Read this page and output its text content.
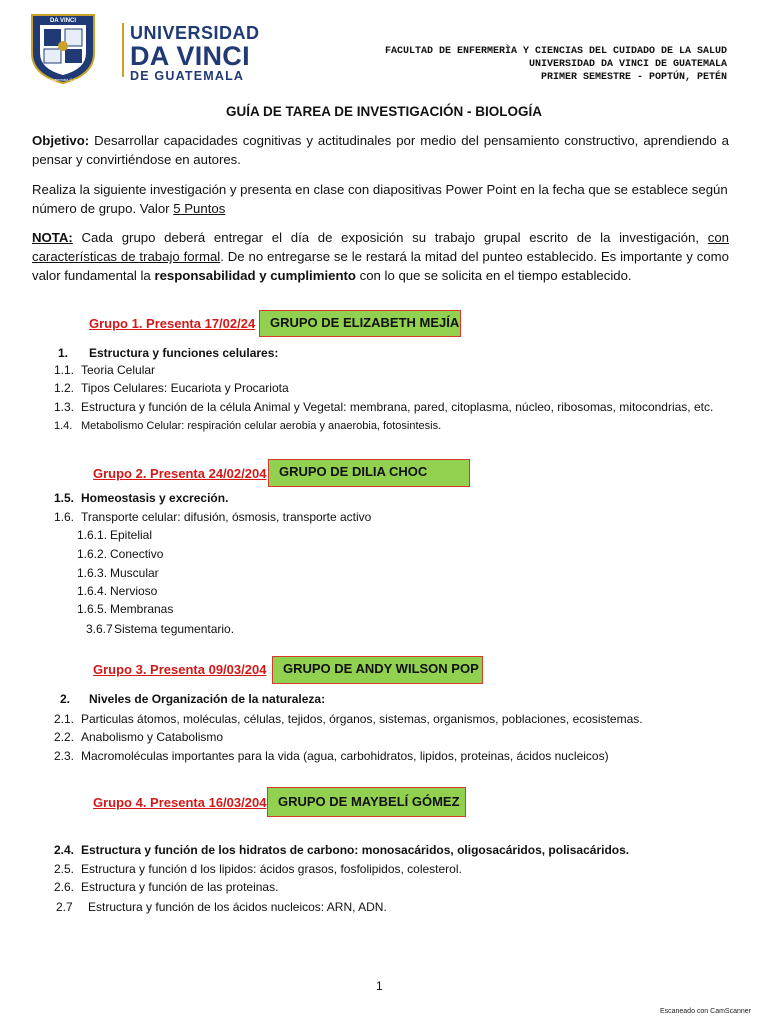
DA VINCI
Guatemala C.A.
UNIVERSIDAD
DA VINCI
DE GUATEMALA
FACULTAD DE ENFERMERÌA Y CIENCIAS DEL CUIDADO DE LA SALUD
UNIVERSIDAD DA VINCI DE GUATEMALA
PRIMER SEMESTRE - POPTÚN, PETÉN
GUÍA DE TAREA DE INVESTIGACIÓN - BIOLOGÍA
Objetivo: Desarrollar capacidades cognitivas y actitudinales por medio del pensamiento constructivo, aprendiendo a pensar y convirtiéndose en autores.
Realiza la siguiente investigación y presenta en clase con diapositivas Power Point en la fecha que se establece según número de grupo. Valor 5 Puntos
NOTA: Cada grupo deberá entregar el día de exposición su trabajo grupal escrito de la investigación, con características de trabajo formal. De no entregarse se le restará la mitad del punteo establecido. Es importante y como valor fundamental la responsabilidad y cumplimiento con lo que se solicita en el tiempo establecido.
Grupo 1. Presenta 17/02/24	GRUPO DE ELIZABETH MEJÍA
1. Estructura y funciones celulares:
1.1. Teoria Celular
1.2. Tipos Celulares: Eucariota y Procariota
1.3. Estructura y función de la célula Animal y Vegetal: membrana, pared, citoplasma, núcleo, ribosomas, mitocondrias, etc.
1.4. Metabolismo Celular: respiración celular aerobia y anaerobia, fotosintesis.
Grupo 2. Presenta 24/02/204 GRUPO DE DILIA CHOC
1.5. Homeostasis y excreción.
1.6. Transporte celular: difusión, ósmosis, transporte activo
1.6.1. Epitelial
1.6.2. Conectivo
1.6.3. Muscular
1.6.4. Nervioso
1.6.5. Membranas
3.6.7Sistema tegumentario.
Grupo 3. Presenta 09/03/204	GRUPO DE ANDY WILSON POP
2. Niveles de Organización de la naturaleza:
2.1. Particulas átomos, moléculas, células, tejidos, órganos, sistemas, organismos, poblaciones, ecosistemas.
2.2. Anabolismo y Catabolismo
2.3. Macromoléculas importantes para la vida (agua, carbohidratos, lipidos, proteinas, ácidos nucleicos)
Grupo 4. Presenta 16/03/204 GRUPO DE MAYBELÍ GÓMEZ
2.4. Estructura y función de los hidratos de carbono: monosacáridos, oligosacáridos, polisacáridos.
2.5. Estructura y función d los lipidos: ácidos grasos, fosfolipidos, colesterol.
2.6. Estructura y función de las proteinas.
2.7 Estructura y función de los ácidos nucleicos: ARN, ADN.
1
Escaneado con CamScanner
